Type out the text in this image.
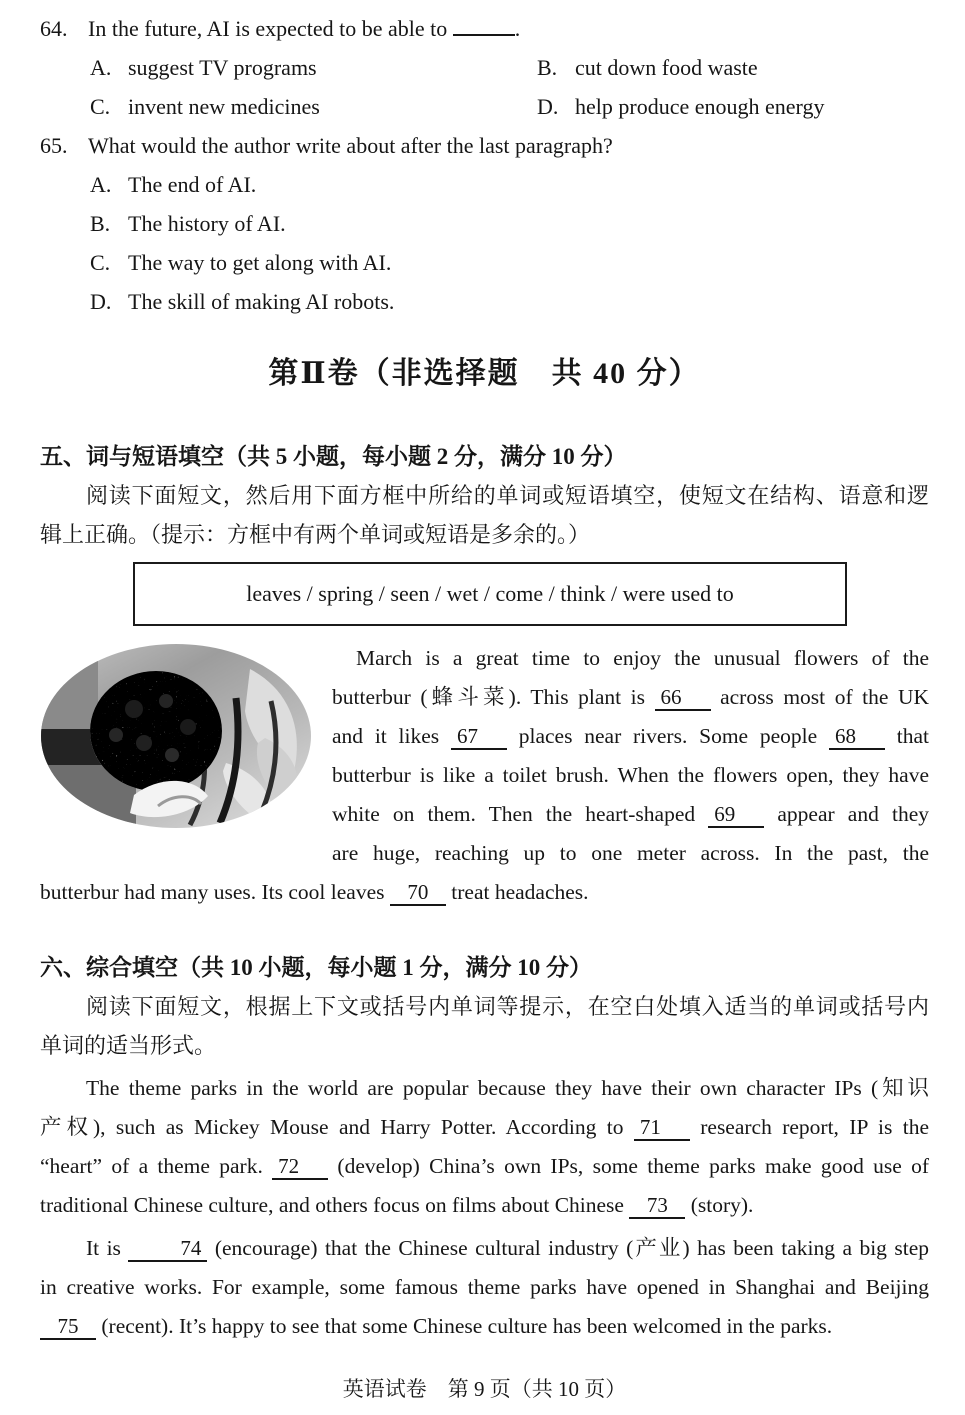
64. In the future, AI is expected to be able to	.
A. suggest TV programs	B. cut down food waste
C. invent new medicines	D. help produce enough energy
65. What would the author write about after the last paragraph?
A. The end of AI.
B. The history of AI.
C. The way to get along with AI.
D. The skill of making AI robots.
第Ⅱ卷（非选择题　共 40 分）
五、词与短语填空（共 5 小题，每小题 2 分，满分 10 分）
阅读下面短文，然后用下面方框中所给的单词或短语填空，使短文在结构、语意和逻
辑上正确。（提示：方框中有两个单词或短语是多余的。）
leaves / spring / seen / wet / come / think / were used to
March is a great time to enjoy the unusual flowers of the
butterbur (蜂斗菜). This plant is 66 across most of the UK
and it likes 67 places near rivers. Some people 68 that
butterbur is like a toilet brush. When the flowers open, they have
white on them. Then the heart-shaped 69 appear and they
are huge, reaching up to one meter across. In the past, the
butterbur had many uses. Its cool leaves 70 treat headaches.
六、综合填空（共 10 小题，每小题 1 分，满分 10 分）
阅读下面短文，根据上下文或括号内单词等提示，在空白处填入适当的单词或括号内
单词的适当形式。
The theme parks in the world are popular because they have their own character IPs (知识
产权), such as Mickey Mouse and Harry Potter. According to 71 research report, IP is the
“heart” of a theme park. 72 (develop) China’s own IPs, some theme parks make good use of
traditional Chinese culture, and others focus on films about Chinese 73 (story).
It is 74 (encourage) that the Chinese cultural industry (产业) has been taking a big step
in creative works. For example, some famous theme parks have opened in Shanghai and Beijing
75 (recent). It’s happy to see that some Chinese culture has been welcomed in the parks.
英语试卷　第 9 页（共 10 页）
